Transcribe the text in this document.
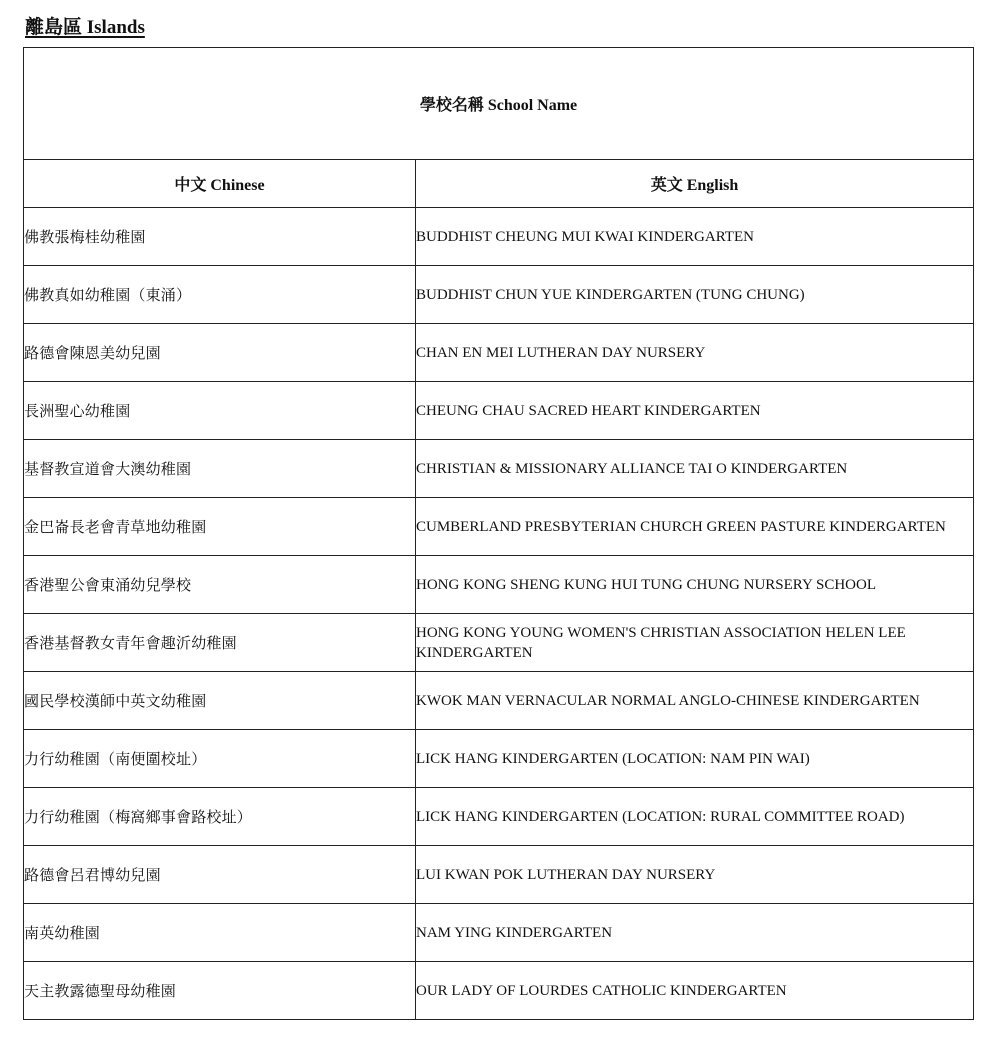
離島區 Islands
學校名稱 School Name	
中文 Chinese	英文 English
佛教張梅桂幼稚園	BUDDHIST CHEUNG MUI KWAI KINDERGARTEN
佛教真如幼稚園（東涌）	BUDDHIST CHUN YUE KINDERGARTEN (TUNG CHUNG)
路德會陳恩美幼兒園	CHAN EN MEI LUTHERAN DAY NURSERY
長洲聖心幼稚園	CHEUNG CHAU SACRED HEART KINDERGARTEN
基督教宣道會大澳幼稚園	CHRISTIAN & MISSIONARY ALLIANCE TAI O KINDERGARTEN
金巴崙長老會青草地幼稚園	CUMBERLAND PRESBYTERIAN CHURCH GREEN PASTURE KINDERGARTEN
香港聖公會東涌幼兒學校	HONG KONG SHENG KUNG HUI TUNG CHUNG NURSERY SCHOOL
香港基督教女青年會趣沂幼稚園	HONG KONG YOUNG WOMEN'S CHRISTIAN ASSOCIATION HELEN LEE KINDERGARTEN
國民學校漢師中英文幼稚園	KWOK MAN VERNACULAR NORMAL ANGLO-CHINESE KINDERGARTEN
力行幼稚園（南便圍校址）	LICK HANG KINDERGARTEN (LOCATION: NAM PIN WAI)
力行幼稚園（梅窩鄉事會路校址）	LICK HANG KINDERGARTEN (LOCATION: RURAL COMMITTEE ROAD)
路德會呂君博幼兒園	LUI KWAN POK LUTHERAN DAY NURSERY
南英幼稚園	NAM YING KINDERGARTEN
天主教露德聖母幼稚園	OUR LADY OF LOURDES CATHOLIC KINDERGARTEN
